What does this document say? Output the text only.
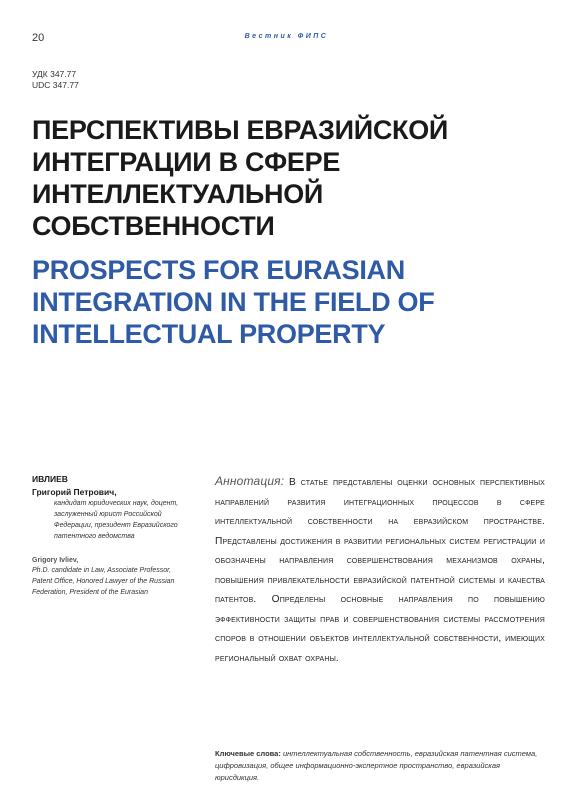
20	Вестник ФИПС
УДК 347.77
UDC 347.77
ПЕРСПЕКТИВЫ ЕВРАЗИЙСКОЙ ИНТЕГРАЦИИ В СФЕРЕ ИНТЕЛЛЕКТУАЛЬНОЙ СОБСТВЕННОСТИ
PROSPECTS FOR EURASIAN INTEGRATION IN THE FIELD OF INTELLECTUAL PROPERTY
ИВЛИЕВ
Григорий Петрович,
кандидат юридических наук, доцент, заслуженный юрист Российской Федерации, президент Евразийского патентного ведомства
Grigory Ivliev,
Ph.D. candidate in Law, Associate Professor, Patent Office, Honored Lawyer of the Russian Federation, President of the Eurasian

Аннотация: В статье представлены оценки основных перспективных направлений развития интеграционных процессов в сфере интеллектуальной собственности на евразийском пространстве. Представлены достижения в развитии региональных систем регистрации и обозначены направления совершенствования механизмов охраны, повышения привлекательности евразийской патентной системы и качества патентов. Определены основные направления по повышению эффективности защиты прав и совершенствования системы рассмотрения споров в отношении объектов интеллектуальной собственности, имеющих региональный охват охраны.

Ключевые слова: интеллектуальная собственность, евразийская патентная система, цифровизация, общее информационно-экспертное пространство, евразийская юрисдикция.
